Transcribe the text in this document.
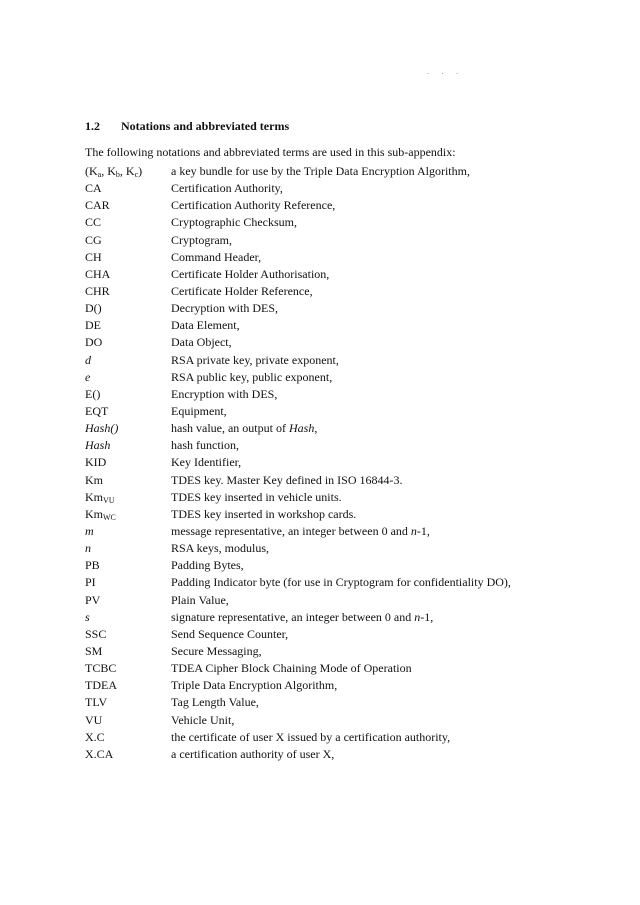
. . .
1.2 Notations and abbreviated terms
The following notations and abbreviated terms are used in this sub-appendix:
($K_a$, $K_b$, $K_c$)	a key bundle for use by the Triple Data Encryption Algorithm,
CA	Certification Authority,
CAR	Certification Authority Reference,
CC	Cryptographic Checksum,
CG	Cryptogram,
CH	Command Header,
CHA	Certificate Holder Authorisation,
CHR	Certificate Holder Reference,
D()	Decryption with DES,
DE	Data Element,
DO	Data Object,
d	RSA private key, private exponent,
e	RSA public key, public exponent,
E()	Encryption with DES,
EQT	Equipment,
Hash()	hash value, an output of Hash,
Hash	hash function,
KID	Key Identifier,
Km	TDES key. Master Key defined in ISO 16844-3.
$Km_{VU}$	TDES key inserted in vehicle units.
$Km_{WC}$	TDES key inserted in workshop cards.
m	message representative, an integer between 0 and n-1,
n	RSA keys, modulus,
PB	Padding Bytes,
PI	Padding Indicator byte (for use in Cryptogram for confidentiality DO),
PV	Plain Value,
s	signature representative, an integer between 0 and n-1,
SSC	Send Sequence Counter,
SM	Secure Messaging,
TCBC	TDEA Cipher Block Chaining Mode of Operation
TDEA	Triple Data Encryption Algorithm,
TLV	Tag Length Value,
VU	Vehicle Unit,
X.C	the certificate of user X issued by a certification authority,
X.CA	a certification authority of user X,
